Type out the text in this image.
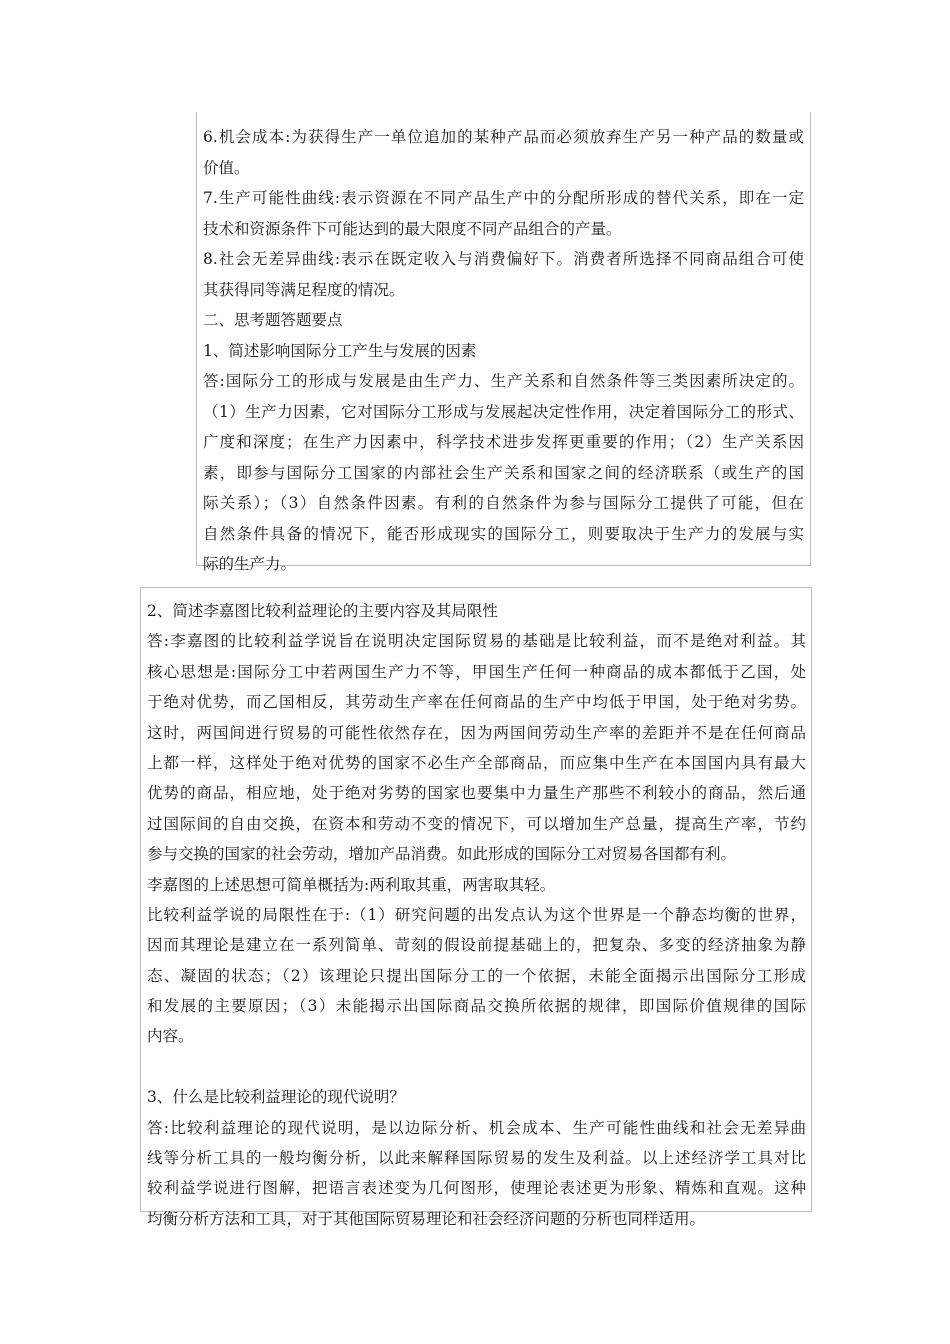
6.机会成本:为获得生产一单位追加的某种产品而必须放弃生产另一种产品的数量或
价值。
7.生产可能性曲线:表示资源在不同产品生产中的分配所形成的替代关系，即在一定
技术和资源条件下可能达到的最大限度不同产品组合的产量。
8.社会无差异曲线:表示在既定收入与消费偏好下。消费者所选择不同商品组合可使
其获得同等满足程度的情况。
二、思考题答题要点
1、简述影响国际分工产生与发展的因素
答:国际分工的形成与发展是由生产力、生产关系和自然条件等三类因素所决定的。
（1）生产力因素，它对国际分工形成与发展起决定性作用，决定着国际分工的形式、
广度和深度；在生产力因素中，科学技术进步发挥更重要的作用；（2）生产关系因
素，即参与国际分工国家的内部社会生产关系和国家之间的经济联系（或生产的国
际关系）；（3）自然条件因素。有利的自然条件为参与国际分工提供了可能，但在
自然条件具备的情况下，能否形成现实的国际分工，则要取决于生产力的发展与实
际的生产力。
2、简述李嘉图比较利益理论的主要内容及其局限性
答:李嘉图的比较利益学说旨在说明决定国际贸易的基础是比较利益，而不是绝对利益。其
核心思想是:国际分工中若两国生产力不等，甲国生产任何一种商品的成本都低于乙国，处
于绝对优势，而乙国相反，其劳动生产率在任何商品的生产中均低于甲国，处于绝对劣势。
这时，两国间进行贸易的可能性依然存在，因为两国间劳动生产率的差距并不是在任何商品
上都一样，这样处于绝对优势的国家不必生产全部商品，而应集中生产在本国国内具有最大
优势的商品，相应地，处于绝对劣势的国家也要集中力量生产那些不利较小的商品，然后通
过国际间的自由交换，在资本和劳动不变的情况下，可以增加生产总量，提高生产率，节约
参与交换的国家的社会劳动，增加产品消费。如此形成的国际分工对贸易各国都有利。
李嘉图的上述思想可简单概括为:两利取其重，两害取其轻。
比较利益学说的局限性在于:（1）研究问题的出发点认为这个世界是一个静态均衡的世界，
因而其理论是建立在一系列简单、苛刻的假设前提基础上的，把复杂、多变的经济抽象为静
态、凝固的状态；（2）该理论只提出国际分工的一个依据，未能全面揭示出国际分工形成
和发展的主要原因；（3）未能揭示出国际商品交换所依据的规律，即国际价值规律的国际
内容。
3、什么是比较利益理论的现代说明？
答:比较利益理论的现代说明，是以边际分析、机会成本、生产可能性曲线和社会无差异曲
线等分析工具的一般均衡分析，以此来解释国际贸易的发生及利益。以上述经济学工具对比
较利益学说进行图解，把语言表述变为几何图形，使理论表述更为形象、精炼和直观。这种
均衡分析方法和工具，对于其他国际贸易理论和社会经济问题的分析也同样适用。
